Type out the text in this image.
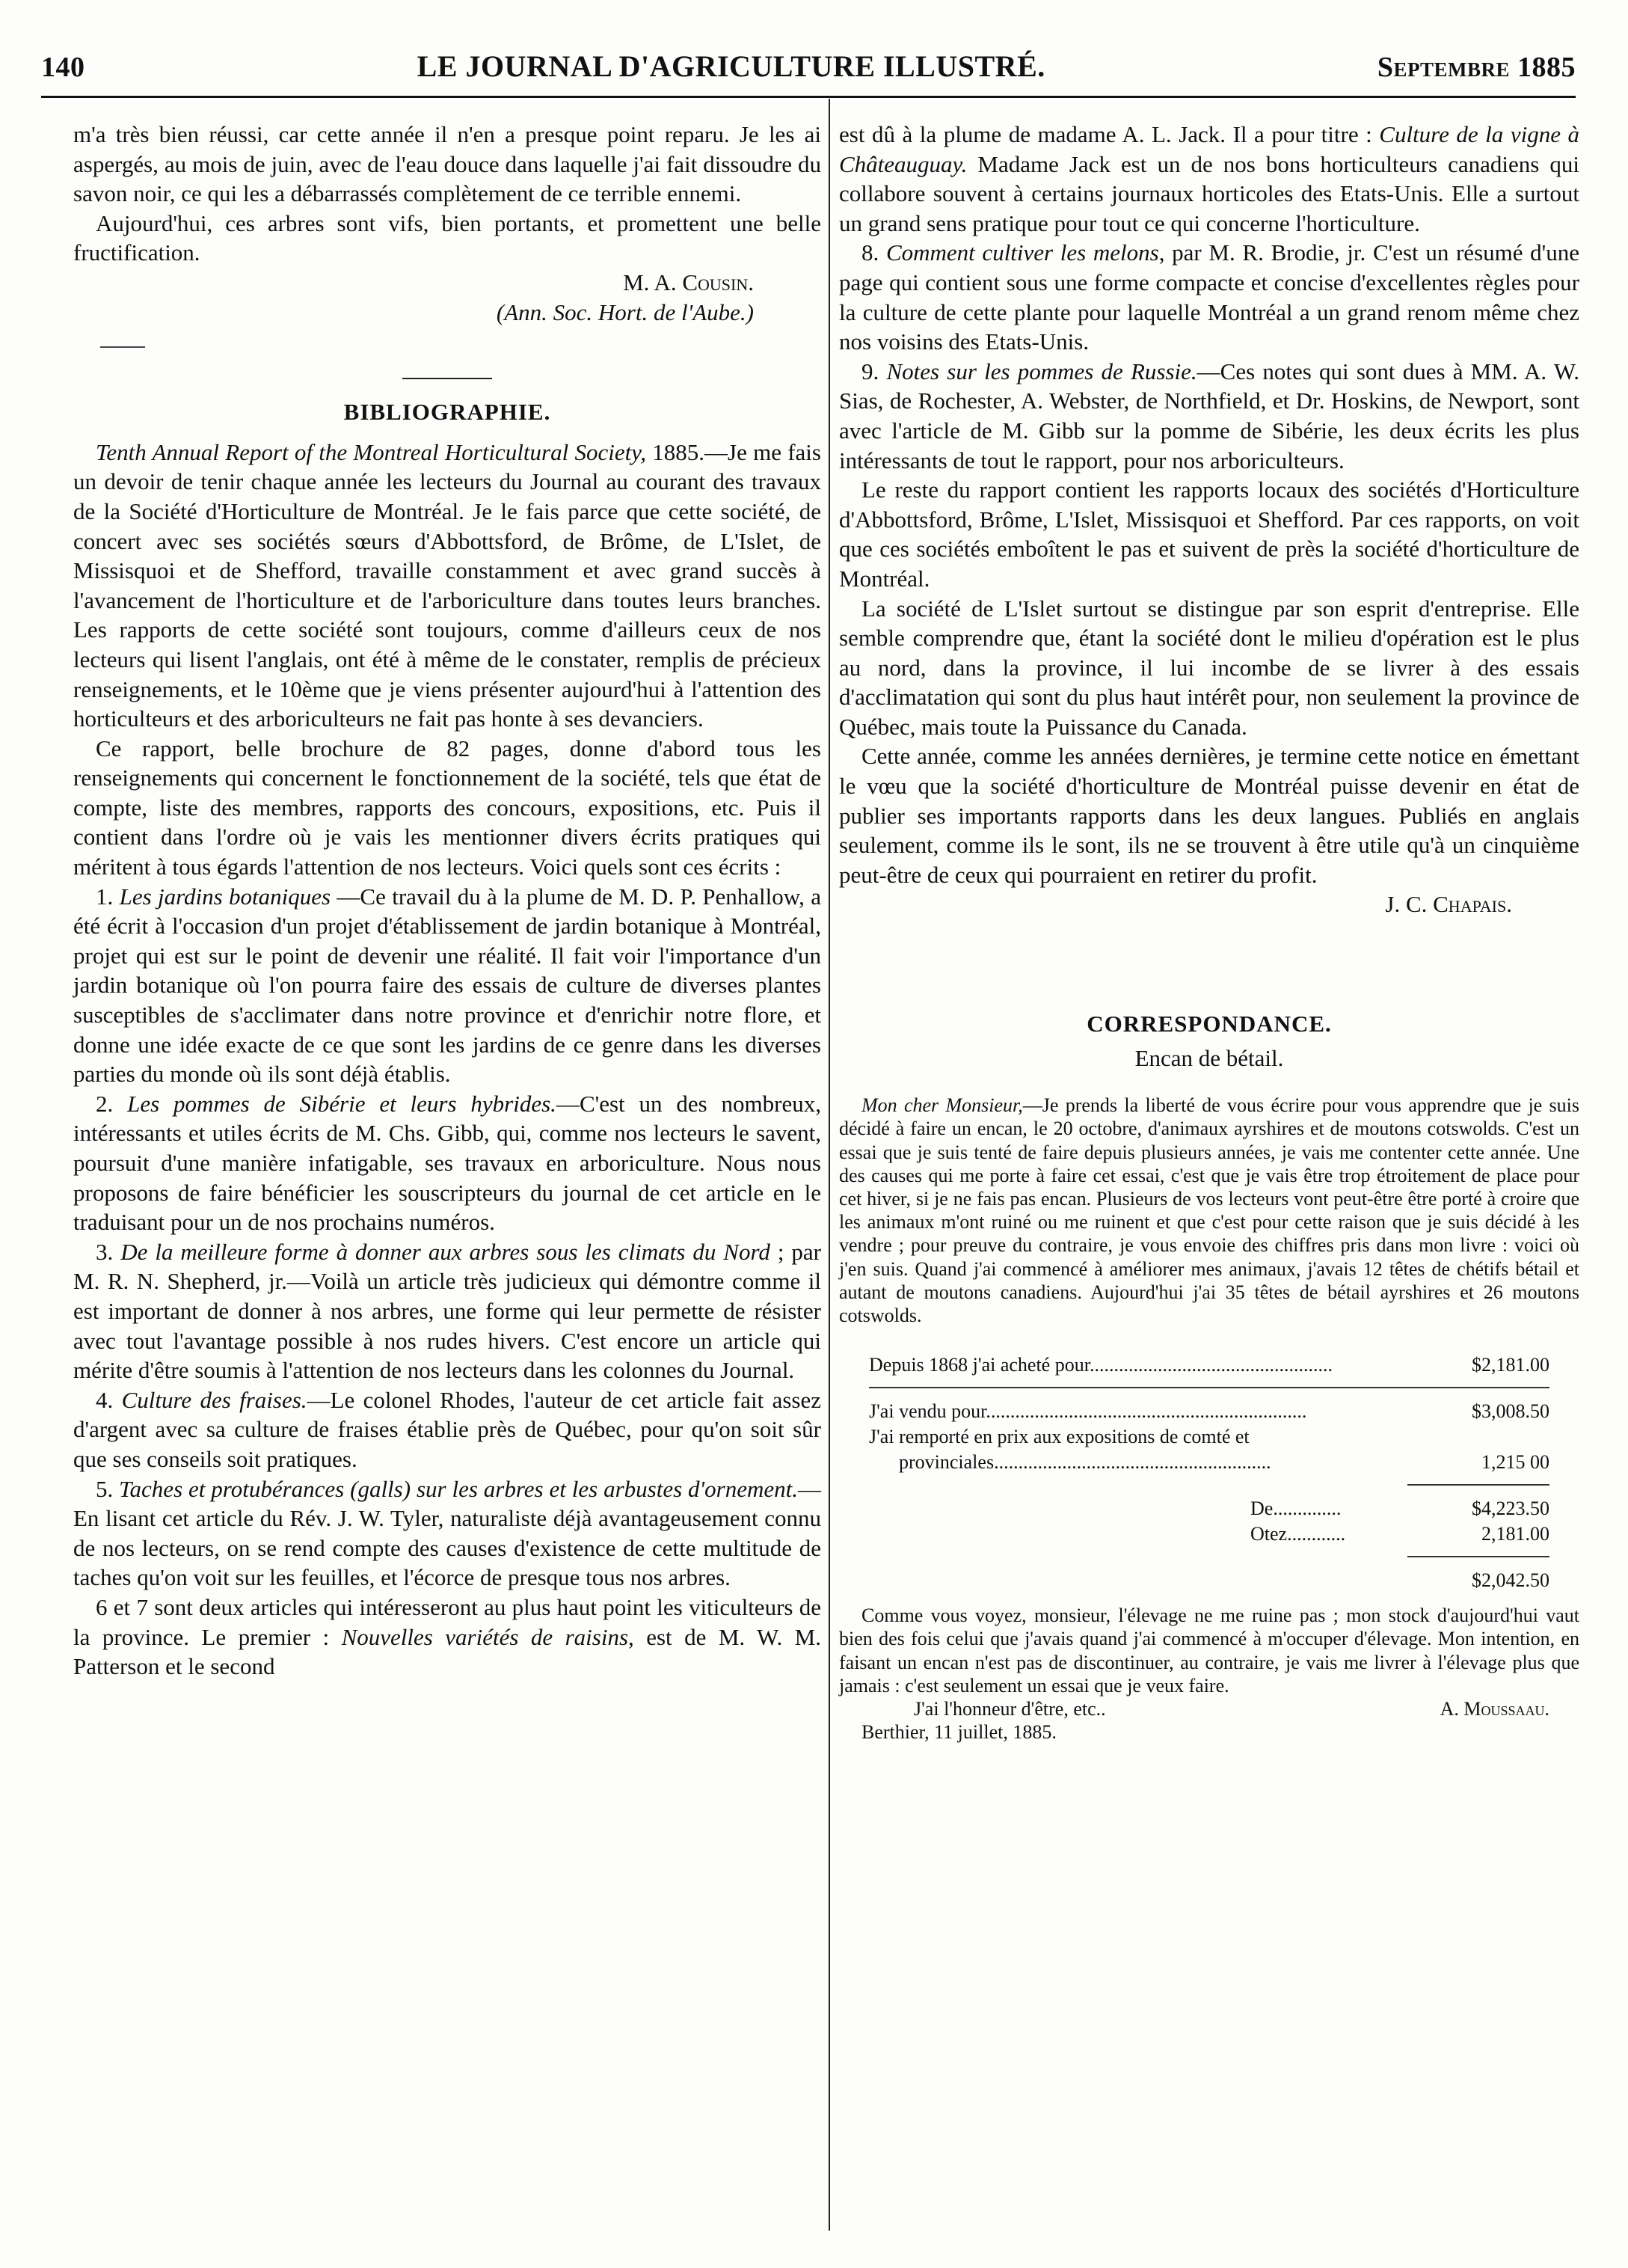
140	LE JOURNAL D'AGRICULTURE ILLUSTRÉ.	Septembre 1885

m'a très bien réussi, car cette année il n'en a presque point reparu. Je les ai aspergés, au mois de juin, avec de l'eau douce dans laquelle j'ai fait dissoudre du savon noir, ce qui les a débarrassés complètement de ce terrible ennemi.

Aujourd'hui, ces arbres sont vifs, bien portants, et promettent une belle fructification.

M. A. Cousin.

(Ann. Soc. Hort. de l'Aube.)

BIBLIOGRAPHIE.

Tenth Annual Report of the Montreal Horticultural Society, 1885.—Je me fais un devoir de tenir chaque année les lecteurs du Journal au courant des travaux de la Société d'Horticulture de Montréal. Je le fais parce que cette société, de concert avec ses sociétés sœurs d'Abbottsford, de Brôme, de L'Islet, de Missisquoi et de Shefford, travaille constamment et avec grand succès à l'avancement de l'horticulture et de l'arboriculture dans toutes leurs branches. Les rapports de cette société sont toujours, comme d'ailleurs ceux de nos lecteurs qui lisent l'anglais, ont été à même de le constater, remplis de précieux renseignements, et le 10ème que je viens présenter aujourd'hui à l'attention des horticulteurs et des arboriculteurs ne fait pas honte à ses devanciers.

Ce rapport, belle brochure de 82 pages, donne d'abord tous les renseignements qui concernent le fonctionnement de la société, tels que état de compte, liste des membres, rapports des concours, expositions, etc. Puis il contient dans l'ordre où je vais les mentionner divers écrits pratiques qui méritent à tous égards l'attention de nos lecteurs. Voici quels sont ces écrits :

1. Les jardins botaniques —Ce travail du à la plume de M. D. P. Penhallow, a été écrit à l'occasion d'un projet d'établissement de jardin botanique à Montréal, projet qui est sur le point de devenir une réalité. Il fait voir l'importance d'un jardin botanique où l'on pourra faire des essais de culture de diverses plantes susceptibles de s'acclimater dans notre province et d'enrichir notre flore, et donne une idée exacte de ce que sont les jardins de ce genre dans les diverses parties du monde où ils sont déjà établis.

2. Les pommes de Sibérie et leurs hybrides.—C'est un des nombreux, intéressants et utiles écrits de M. Chs. Gibb, qui, comme nos lecteurs le savent, poursuit d'une manière infatigable, ses travaux en arboriculture. Nous nous proposons de faire bénéficier les souscripteurs du journal de cet article en le traduisant pour un de nos prochains numéros.

3. De la meilleure forme à donner aux arbres sous les climats du Nord ; par M. R. N. Shepherd, jr.—Voilà un article très judicieux qui démontre comme il est important de donner à nos arbres, une forme qui leur permette de résister avec tout l'avantage possible à nos rudes hivers. C'est encore un article qui mérite d'être soumis à l'attention de nos lecteurs dans les colonnes du Journal.

4. Culture des fraises.—Le colonel Rhodes, l'auteur de cet article fait assez d'argent avec sa culture de fraises établie près de Québec, pour qu'on soit sûr que ses conseils soit pratiques.

5. Taches et protubérances (galls) sur les arbres et les arbustes d'ornement.—En lisant cet article du Rév. J. W. Tyler, naturaliste déjà avantageusement connu de nos lecteurs, on se rend compte des causes d'existence de cette multitude de taches qu'on voit sur les feuilles, et l'écorce de presque tous nos arbres.

6 et 7 sont deux articles qui intéresseront au plus haut point les viticulteurs de la province. Le premier : Nouvelles variétés de raisins, est de M. W. M. Patterson et le second

est dû à la plume de madame A. L. Jack. Il a pour titre : Culture de la vigne à Châteauguay. Madame Jack est un de nos bons horticulteurs canadiens qui collabore souvent à certains journaux horticoles des Etats-Unis. Elle a surtout un grand sens pratique pour tout ce qui concerne l'horticulture.

8. Comment cultiver les melons, par M. R. Brodie, jr. C'est un résumé d'une page qui contient sous une forme compacte et concise d'excellentes règles pour la culture de cette plante pour laquelle Montréal a un grand renom même chez nos voisins des Etats-Unis.

9. Notes sur les pommes de Russie.—Ces notes qui sont dues à MM. A. W. Sias, de Rochester, A. Webster, de Northfield, et Dr. Hoskins, de Newport, sont avec l'article de M. Gibb sur la pomme de Sibérie, les deux écrits les plus intéressants de tout le rapport, pour nos arboriculteurs.

Le reste du rapport contient les rapports locaux des sociétés d'Horticulture d'Abbottsford, Brôme, L'Islet, Missisquoi et Shefford. Par ces rapports, on voit que ces sociétés emboîtent le pas et suivent de près la société d'horticulture de Montréal.

La société de L'Islet surtout se distingue par son esprit d'entreprise. Elle semble comprendre que, étant la société dont le milieu d'opération est le plus au nord, dans la province, il lui incombe de se livrer à des essais d'acclimatation qui sont du plus haut intérêt pour, non seulement la province de Québec, mais toute la Puissance du Canada.

Cette année, comme les années dernières, je termine cette notice en émettant le vœu que la société d'horticulture de Montréal puisse devenir en état de publier ses importants rapports dans les deux langues. Publiés en anglais seulement, comme ils le sont, ils ne se trouvent à être utile qu'à un cinquième peut-être de ceux qui pourraient en retirer du profit.

J. C. Chapais.

CORRESPONDANCE.
Encan de bétail.

Mon cher Monsieur,—Je prends la liberté de vous écrire pour vous apprendre que je suis décidé à faire un encan, le 20 octobre, d'animaux ayrshires et de moutons cotswolds. C'est un essai que je suis tenté de faire depuis plusieurs années, je vais me contenter cette année. Une des causes qui me porte à faire cet essai, c'est que je vais être trop étroitement de place pour cet hiver, si je ne fais pas encan. Plusieurs de vos lecteurs vont peut-être être porté à croire que les animaux m'ont ruiné ou me ruinent et que c'est pour cette raison que je suis décidé à les vendre ; pour preuve du contraire, je vous envoie des chiffres pris dans mon livre : voici où j'en suis. Quand j'ai commencé à améliorer mes animaux, j'avais 12 têtes de chétifs bétail et autant de moutons canadiens. Aujourd'hui j'ai 35 têtes de bétail ayrshires et 26 moutons cotswolds.

Depuis 1868 j'ai acheté pour..................................................	$2,181.00
J'ai vendu pour..................................................................	$3,008.50
J'ai remporté en prix aux expositions de comté et
provinciales.........................................................	1,215 00
De..............	$4,223.50
Otez............	2,181.00
$2,042.50

Comme vous voyez, monsieur, l'élevage ne me ruine pas ; mon stock d'aujourd'hui vaut bien des fois celui que j'avais quand j'ai commencé à m'occuper d'élevage. Mon intention, en faisant un encan n'est pas de discontinuer, au contraire, je vais me livrer à l'élevage plus que jamais : c'est seulement un essai que je veux faire.

J'ai l'honneur d'être, etc..	A. Moussaau.

Berthier, 11 juillet, 1885.
